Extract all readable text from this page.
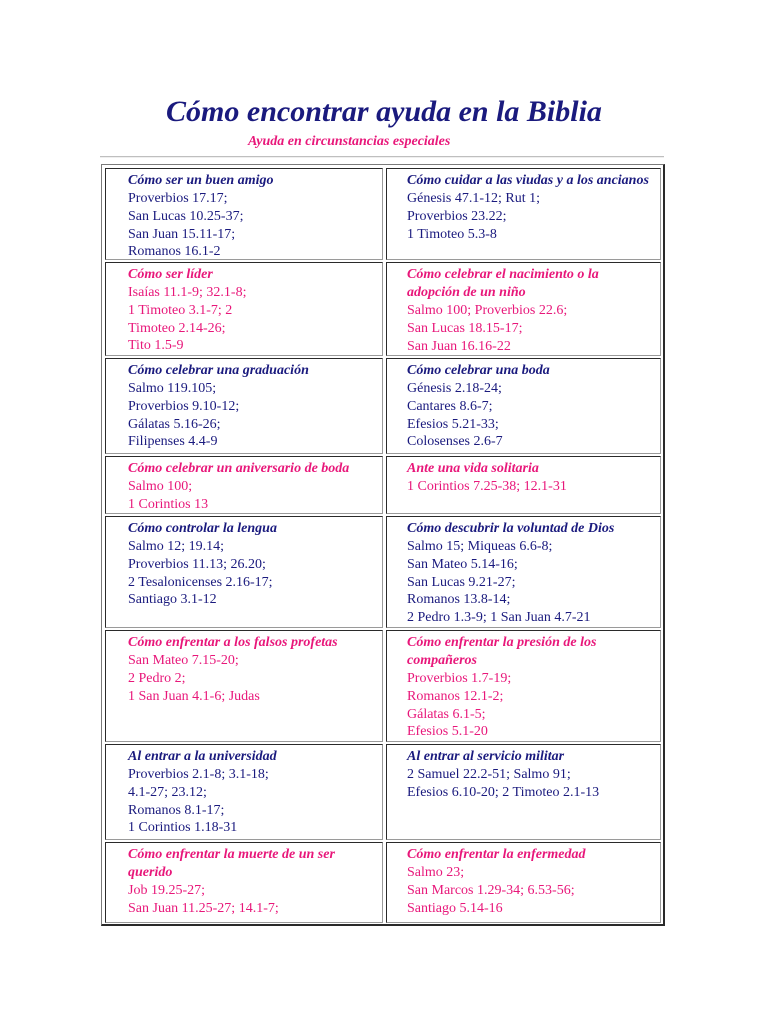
Cómo encontrar ayuda en la Biblia
Ayuda en circunstancias especiales
Cómo ser un buen amigo
Proverbios 17.17;
San Lucas 10.25-37;
San Juan 15.11-17;
Romanos 16.1-2
Cómo cuidar a las viudas y a los ancianos
Génesis 47.1-12; Rut 1;
Proverbios 23.22;
1 Timoteo 5.3-8
Cómo ser líder
Isaías 11.1-9; 32.1-8;
1 Timoteo 3.1-7; 2
Timoteo 2.14-26;
Tito 1.5-9
Cómo celebrar el nacimiento o la adopción de un niño
Salmo 100; Proverbios 22.6;
San Lucas 18.15-17;
San Juan 16.16-22
Cómo celebrar una graduación
Salmo 119.105;
Proverbios 9.10-12;
Gálatas 5.16-26;
Filipenses 4.4-9
Cómo celebrar una boda
Génesis 2.18-24;
Cantares 8.6-7;
Efesios 5.21-33;
Colosenses 2.6-7
Cómo celebrar un aniversario de boda
Salmo 100;
1 Corintios 13
Ante una vida solitaria
1 Corintios 7.25-38; 12.1-31
Cómo controlar la lengua
Salmo 12; 19.14;
Proverbios 11.13; 26.20;
2 Tesalonicenses 2.16-17;
Santiago 3.1-12
Cómo descubrir la voluntad de Dios
Salmo 15; Miqueas 6.6-8;
San Mateo 5.14-16;
San Lucas 9.21-27;
Romanos 13.8-14;
2 Pedro 1.3-9; 1 San Juan 4.7-21
Cómo enfrentar a los falsos profetas
San Mateo 7.15-20;
2 Pedro 2;
1 San Juan 4.1-6; Judas
Cómo enfrentar la presión de los compañeros
Proverbios 1.7-19;
Romanos 12.1-2;
Gálatas 6.1-5;
Efesios 5.1-20
Al entrar a la universidad
Proverbios 2.1-8; 3.1-18;
4.1-27; 23.12;
Romanos 8.1-17;
1 Corintios 1.18-31
Al entrar al servicio militar
2 Samuel 22.2-51; Salmo 91;
Efesios 6.10-20; 2 Timoteo 2.1-13
Cómo enfrentar la muerte de un ser querido
Job 19.25-27;
San Juan 11.25-27; 14.1-7;
Cómo enfrentar la enfermedad
Salmo 23;
San Marcos 1.29-34; 6.53-56;
Santiago 5.14-16
